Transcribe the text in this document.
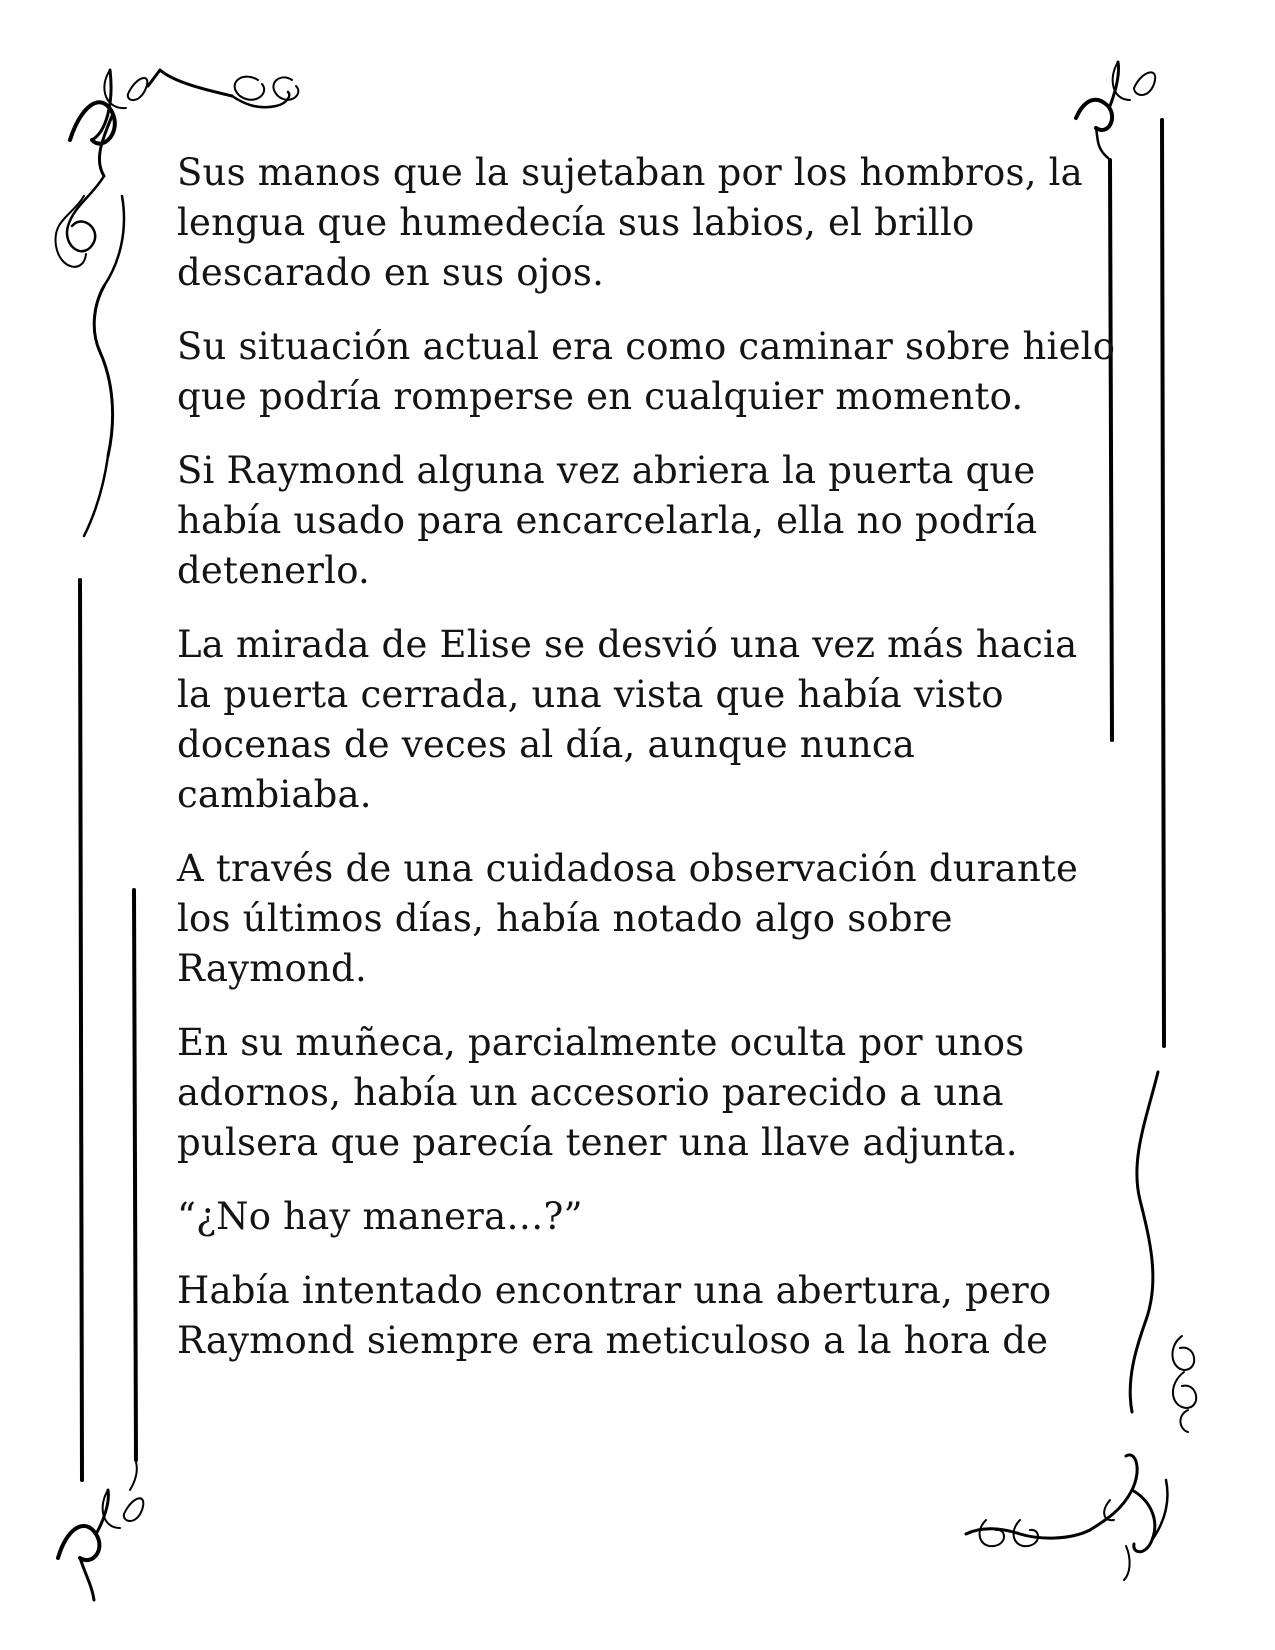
Sus manos que la sujetaban por los hombros, la lengua que humedecía sus labios, el brillo descarado en sus ojos.

Su situación actual era como caminar sobre hielo que podría romperse en cualquier momento.

Si Raymond alguna vez abriera la puerta que había usado para encarcelarla, ella no podría detenerlo.

La mirada de Elise se desvió una vez más hacia la puerta cerrada, una vista que había visto docenas de veces al día, aunque nunca cambiaba.

A través de una cuidadosa observación durante los últimos días, había notado algo sobre Raymond.

En su muñeca, parcialmente oculta por unos adornos, había un accesorio parecido a una pulsera que parecía tener una llave adjunta.

“¿No hay manera…?”

Había intentado encontrar una abertura, pero Raymond siempre era meticuloso a la hora de
